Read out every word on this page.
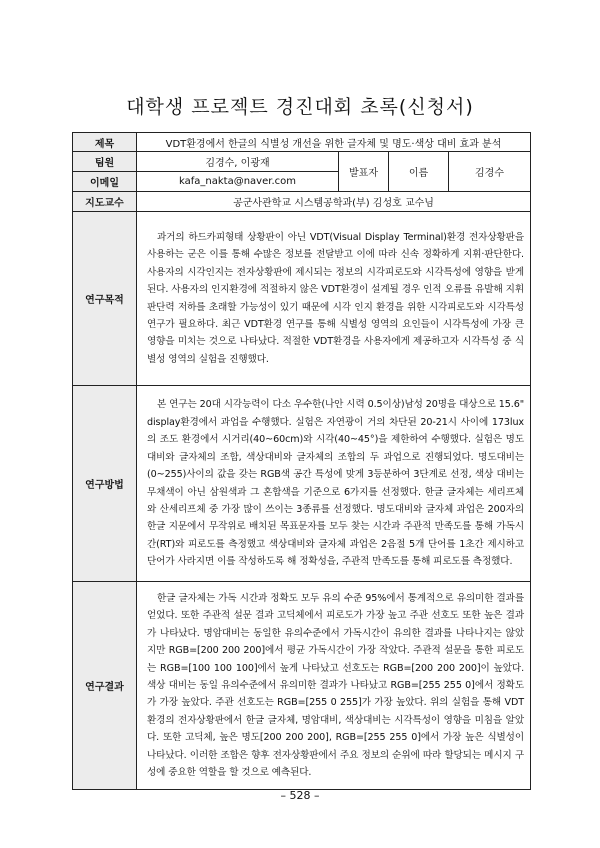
대학생 프로젝트 경진대회 초록(신청서)
제목	VDT환경에서 한글의 식별성 개선을 위한 글자체 및 명도·색상 대비 효과 분석			
팀원	김경수, 이광재	발표자	이름	김경수
이메일	kafa_nakta@naver.com			
지도교수	공군사관학교 시스템공학과(부) 김성호 교수님			
연구목적	과거의 하드카피형태 상황판이 아닌 VDT(Visual Display Terminal)환경 전자상황판을 사용하는 군은 이를 통해 수많은 정보를 전달받고 이에 따라 신속 정확하게 지휘·판단한다. 사용자의 시각인지는 전자상황판에 제시되는 정보의 시각피로도와 시각특성에 영향을 받게 된다. 사용자의 인지환경에 적절하지 않은 VDT환경이 설계될 경우 인적 오류를 유발해 지휘판단력 저하를 초래할 가능성이 있기 때문에 시각 인지 환경을 위한 시각피로도와 시각특성 연구가 필요하다. 최근 VDT환경 연구를 통해 식별성 영역의 요인들이 시각특성에 가장 큰 영향을 미치는 것으로 나타났다. 적절한 VDT환경을 사용자에게 제공하고자 시각특성 중 식별성 영역의 실험을 진행했다.			

연구방법	본 연구는 20대 시각능력이 다소 우수한(나안 시력 0.5이상)남성 20명을 대상으로 15.6" display환경에서 과업을 수행했다. 실험은 자연광이 거의 차단된 20-21시 사이에 173lux의 조도 환경에서 시거리(40~60cm)와 시각(40~45°)을 제한하여 수행했다. 실험은 명도대비와 글자체의 조합, 색상대비와 글자체의 조합의 두 과업으로 진행되었다. 명도대비는 (0~255)사이의 값을 갖는 RGB색 공간 특성에 맞게 3등분하여 3단계로 선정, 색상 대비는 무채색이 아닌 삼원색과 그 혼합색을 기준으로 6가지를 선정했다. 한글 글자체는 세리프체와 산세리프체 중 가장 많이 쓰이는 3종류를 선정했다. 명도대비와 글자체 과업은 200자의 한글 지문에서 무작위로 배치된 목표문자를 모두 찾는 시간과 주관적 만족도를 통해 가독시간(RT)와 피로도를 측정했고 색상대비와 글자체 과업은 2음절 5개 단어를 1초간 제시하고 단어가 사라지면 이를 작성하도록 해 정확성을, 주관적 만족도를 통해 피로도를 측정했다.			

연구결과	한글 글자체는 가독 시간과 정확도 모두 유의 수준 95%에서 통계적으로 유의미한 결과를 얻었다. 또한 주관적 설문 결과 고딕체에서 피로도가 가장 높고 주관 선호도 또한 높은 결과가 나타났다. 명암대비는 동일한 유의수준에서 가독시간이 유의한 결과를 나타나지는 않았지만 RGB=[200 200 200]에서 평균 가독시간이 가장 작았다. 주관적 설문을 통한 피로도는 RGB=[100 100 100]에서 높게 나타났고 선호도는 RGB=[200 200 200]이 높았다. 색상 대비는 동일 유의수준에서 유의미한 결과가 나타났고 RGB=[255 255 0]에서 정확도가 가장 높았다. 주관 선호도는 RGB=[255 0 255]가 가장 높았다. 위의 실험을 통해 VDT 환경의 전자상황판에서 한글 글자체, 명암대비, 색상대비는 시각특성이 영향을 미침을 알았다. 또한 고딕체, 높은 명도[200 200 200], RGB=[255 255 0]에서 가장 높은 식별성이 나타났다. 이러한 조합은 향후 전자상황판에서 주요 정보의 순위에 따라 할당되는 메시지 구성에 중요한 역할을 할 것으로 예측된다.			

– 528 –
